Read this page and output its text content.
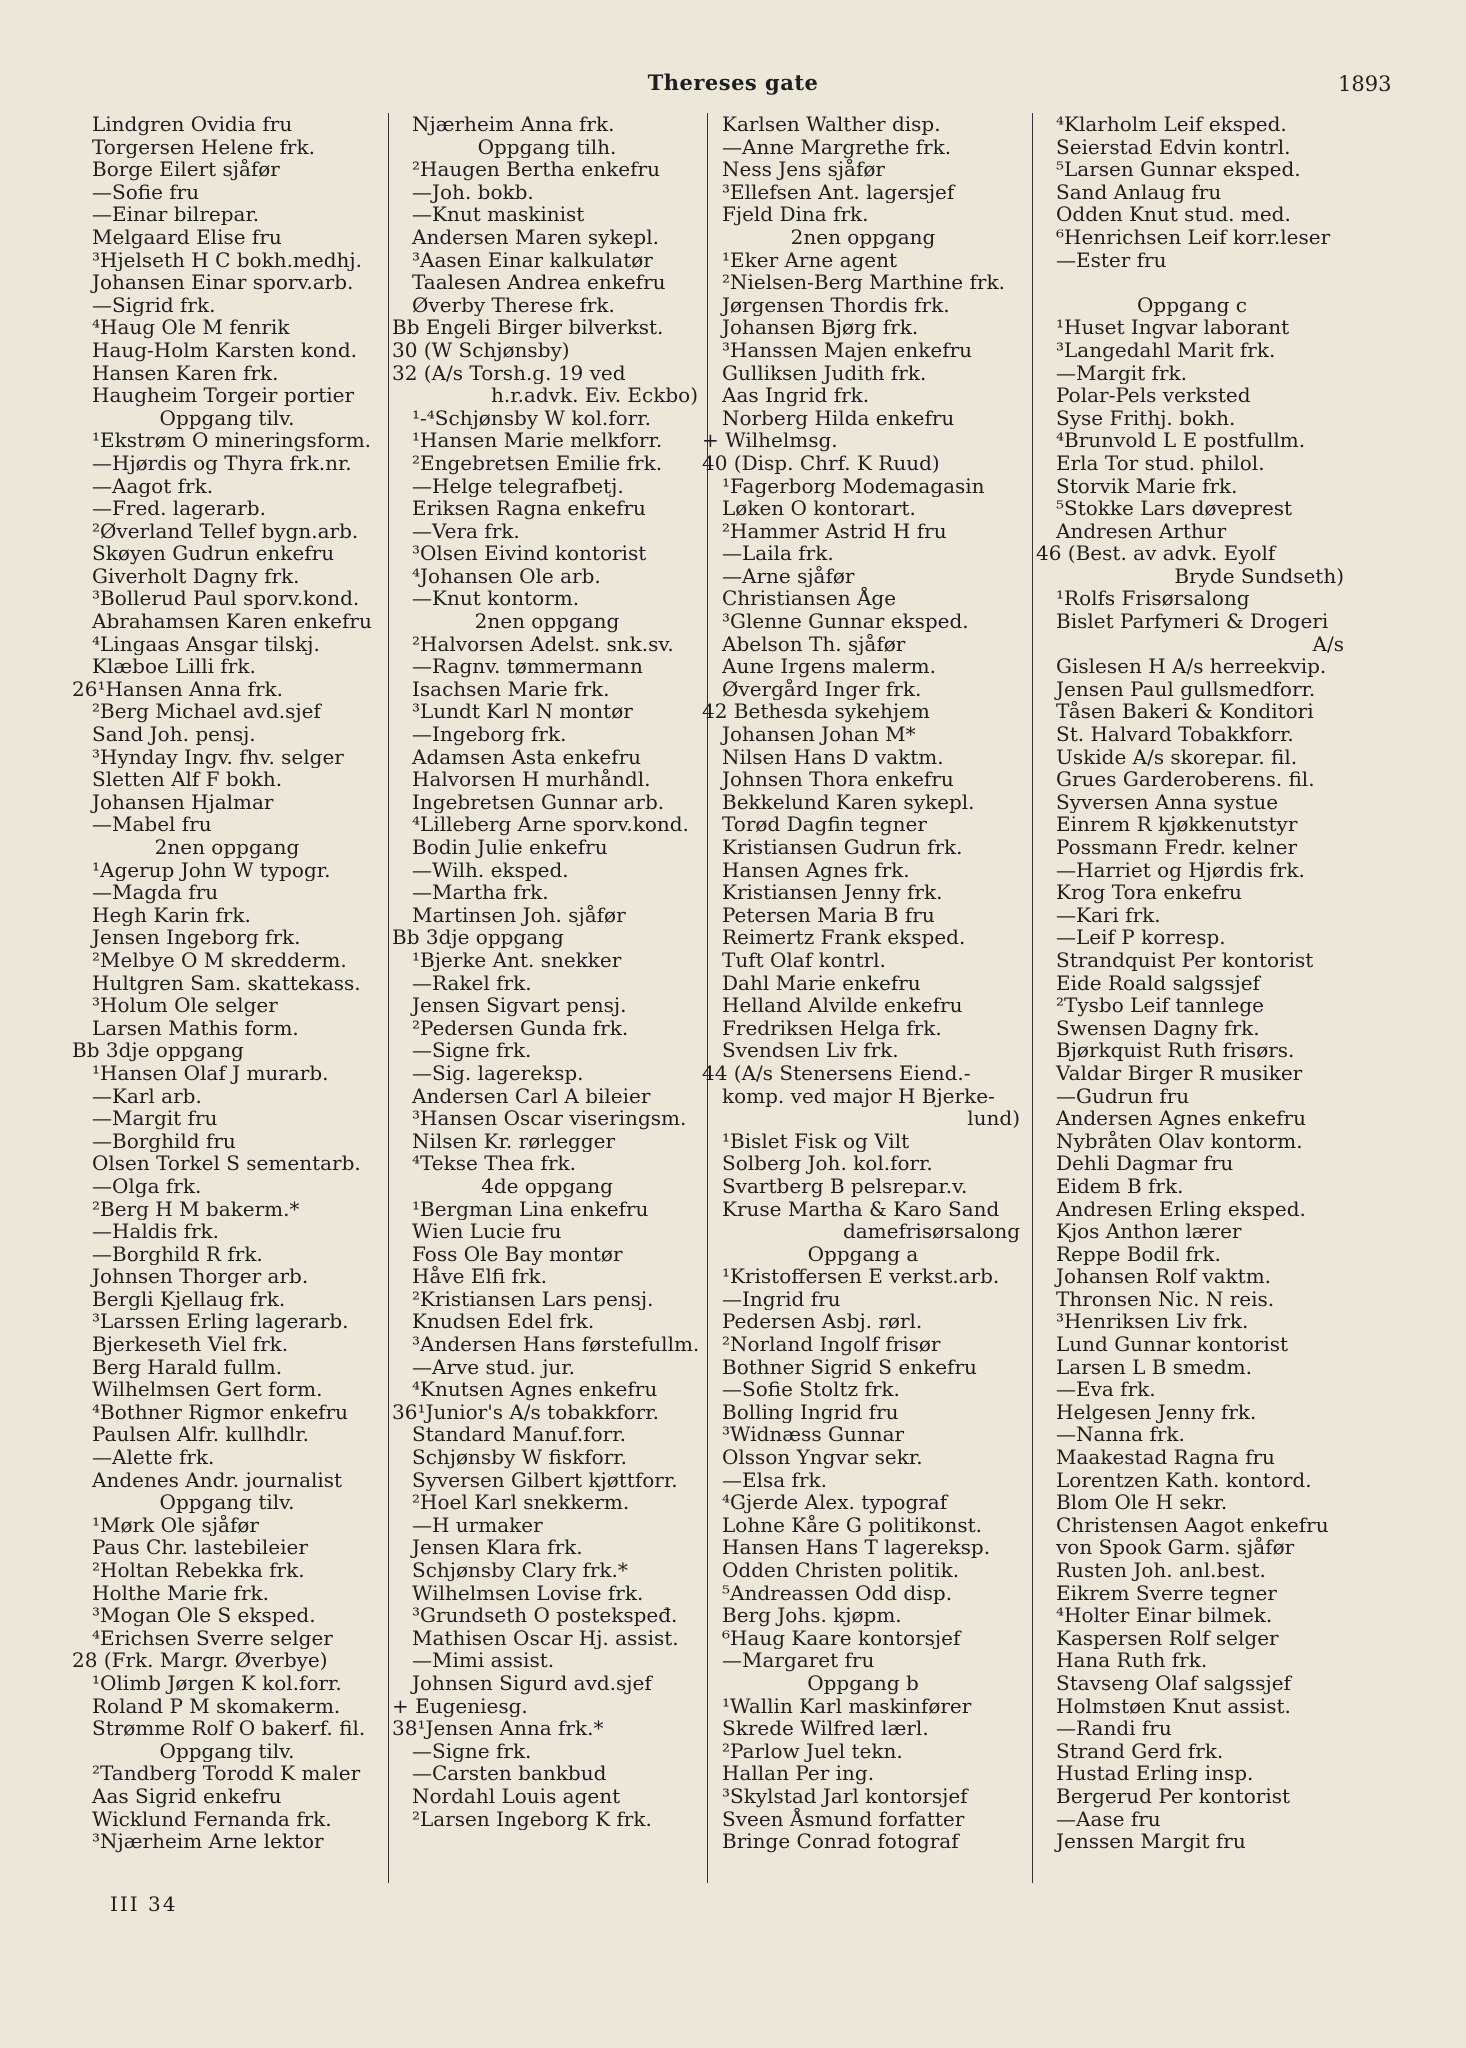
Thereses gate	1893
Lindgren Ovidia fru
Torgersen Helene frk.
Borge Eilert sjåfør
—Sofie fru
—Einar bilrepar.
Melgaard Elise fru
³Hjelseth H C bokh.medhj.
Johansen Einar sporv.arb.
—Sigrid frk.
⁴Haug Ole M fenrik
Haug-Holm Karsten kond.
Hansen Karen frk.
Haugheim Torgeir portier
Oppgang tilv.
¹Ekstrøm O mineringsform.
—Hjørdis og Thyra frk.nr.
—Aagot frk.
—Fred. lagerarb.
²Øverland Tellef bygn.arb.
Skøyen Gudrun enkefru
Giverholt Dagny frk.
³Bollerud Paul sporv.kond.
Abrahamsen Karen enkefru
⁴Lingaas Ansgar tilskj.
Klæboe Lilli frk.
26¹Hansen Anna frk.
²Berg Michael avd.sjef
Sand Joh. pensj.
³Hynday Ingv. fhv. selger
Sletten Alf F bokh.
Johansen Hjalmar
—Mabel fru
2nen oppgang
¹Agerup John W typogr.
—Magda fru
Hegh Karin frk.
Jensen Ingeborg frk.
²Melbye O M skredderm.
Hultgren Sam. skattekass.
³Holum Ole selger
Larsen Mathis form.
Bb 3dje oppgang
¹Hansen Olaf J murarb.
—Karl arb.
—Margit fru
—Borghild fru
Olsen Torkel S sementarb.
—Olga frk.
²Berg H M bakerm.*
—Haldis frk.
—Borghild R frk.
Johnsen Thorger arb.
Bergli Kjellaug frk.
³Larssen Erling lagerarb.
Bjerkeseth Viel frk.
Berg Harald fullm.
Wilhelmsen Gert form.
⁴Bothner Rigmor enkefru
Paulsen Alfr. kullhdlr.
—Alette frk.
Andenes Andr. journalist
Oppgang tilv.
¹Mørk Ole sjåfør
Paus Chr. lastebileier
²Holtan Rebekka frk.
Holthe Marie frk.
³Mogan Ole S eksped.
⁴Erichsen Sverre selger
28 (Frk. Margr. Øverbye)
¹Olimb Jørgen K kol.forr.
Roland P M skomakerm.
Strømme Rolf O bakerf. fil.
Oppgang tilv.
²Tandberg Torodd K maler
Aas Sigrid enkefru
Wicklund Fernanda frk.
³Njærheim Arne lektor
Njærheim Anna frk.
Oppgang tilh.
²Haugen Bertha enkefru
—Joh. bokb.
—Knut maskinist
Andersen Maren sykepl.
³Aasen Einar kalkulatør
Taalesen Andrea enkefru
Øverby Therese frk.
Bb Engeli Birger bilverkst.
30 (W Schjønsby)
32 (A/s Torsh.g. 19 ved
h.r.advk. Eiv. Eckbo)
¹-⁴Schjønsby W kol.forr.
¹Hansen Marie melkforr.
²Engebretsen Emilie frk.
—Helge telegrafbetj.
Eriksen Ragna enkefru
—Vera frk.
³Olsen Eivind kontorist
⁴Johansen Ole arb.
—Knut kontorm.
2nen oppgang
²Halvorsen Adelst. snk.sv.
—Ragnv. tømmermann
Isachsen Marie frk.
³Lundt Karl N montør
—Ingeborg frk.
Adamsen Asta enkefru
Halvorsen H murhåndl.
Ingebretsen Gunnar arb.
⁴Lilleberg Arne sporv.kond.
Bodin Julie enkefru
—Wilh. eksped.
—Martha frk.
Martinsen Joh. sjåfør
Bb 3dje oppgang
¹Bjerke Ant. snekker
—Rakel frk.
Jensen Sigvart pensj.
²Pedersen Gunda frk.
—Signe frk.
—Sig. lagereksp.
Andersen Carl A bileier
³Hansen Oscar viseringsm.
Nilsen Kr. rørlegger
⁴Tekse Thea frk.
4de oppgang
¹Bergman Lina enkefru
Wien Lucie fru
Foss Ole Bay montør
Håve Elfi frk.
²Kristiansen Lars pensj.
Knudsen Edel frk.
³Andersen Hans førstefullm.
—Arve stud. jur.
⁴Knutsen Agnes enkefru
36¹Junior's A/s tobakkforr.
Standard Manuf.forr.
Schjønsby W fiskforr.
Syversen Gilbert kjøttforr.
²Hoel Karl snekkerm.
—H urmaker
Jensen Klara frk.
Schjønsby Clary frk.*
Wilhelmsen Lovise frk.
³Grundseth O postekspeđ.
Mathisen Oscar Hj. assist.
—Mimi assist.
Johnsen Sigurd avd.sjef
+ Eugeniesg.
38¹Jensen Anna frk.*
—Signe frk.
—Carsten bankbud
Nordahl Louis agent
²Larsen Ingeborg K frk.
Karlsen Walther disp.
—Anne Margrethe frk.
Ness Jens sjåfør
³Ellefsen Ant. lagersjef
Fjeld Dina frk.
2nen oppgang
¹Eker Arne agent
²Nielsen-Berg Marthine frk.
Jørgensen Thordis frk.
Johansen Bjørg frk.
³Hanssen Majen enkefru
Gulliksen Judith frk.
Aas Ingrid frk.
Norberg Hilda enkefru
+ Wilhelmsg.
40 (Disp. Chrf. K Ruud)
¹Fagerborg Modemagasin
Løken O kontorart.
²Hammer Astrid H fru
—Laila frk.
—Arne sjåfør
Christiansen Åge
³Glenne Gunnar eksped.
Abelson Th. sjåfør
Aune Irgens malerm.
Øvergård Inger frk.
42 Bethesda sykehjem
Johansen Johan M*
Nilsen Hans D vaktm.
Johnsen Thora enkefru
Bekkelund Karen sykepl.
Torød Dagfin tegner
Kristiansen Gudrun frk.
Hansen Agnes frk.
Kristiansen Jenny frk.
Petersen Maria B fru
Reimertz Frank eksped.
Tuft Olaf kontrl.
Dahl Marie enkefru
Helland Alvilde enkefru
Fredriksen Helga frk.
Svendsen Liv frk.
44 (A/s Stenersens Eiend.-
komp. ved major H Bjerke-
lund)
¹Bislet Fisk og Vilt
Solberg Joh. kol.forr.
Svartberg B pelsrepar.v.
Kruse Martha & Karo Sand
damefrisørsalong
Oppgang a
¹Kristoffersen E verkst.arb.
—Ingrid fru
Pedersen Asbj. rørl.
²Norland Ingolf frisør
Bothner Sigrid S enkefru
—Sofie Stoltz frk.
Bolling Ingrid fru
³Widnæss Gunnar
Olsson Yngvar sekr.
—Elsa frk.
⁴Gjerde Alex. typograf
Lohne Kåre G politikonst.
Hansen Hans T lagereksp.
Odden Christen politik.
⁵Andreassen Odd disp.
Berg Johs. kjøpm.
⁶Haug Kaare kontorsjef
—Margaret fru
Oppgang b
¹Wallin Karl maskinfører
Skrede Wilfred lærl.
²Parlow Juel tekn.
Hallan Per ing.
³Skylstad Jarl kontorsjef
Sveen Åsmund forfatter
Bringe Conrad fotograf
⁴Klarholm Leif eksped.
Seierstad Edvin kontrl.
⁵Larsen Gunnar eksped.
Sand Anlaug fru
Odden Knut stud. med.
⁶Henrichsen Leif korr.leser
—Ester fru
Oppgang c
¹Huset Ingvar laborant
³Langedahl Marit frk.
—Margit frk.
Polar-Pels verksted
Syse Frithj. bokh.
⁴Brunvold L E postfullm.
Erla Tor stud. philol.
Storvik Marie frk.
⁵Stokke Lars døveprest
Andresen Arthur
46 (Best. av advk. Eyolf
Bryde Sundseth)
¹Rolfs Frisørsalong
Bislet Parfymeri & Drogeri
A/s
Gislesen H A/s herreekvip.
Jensen Paul gullsmedforr.
Tåsen Bakeri & Konditori
St. Halvard Tobakkforr.
Uskide A/s skorepar. fil.
Grues Garderoberens. fil.
Syversen Anna systue
Einrem R kjøkkenutstyr
Possmann Fredr. kelner
—Harriet og Hjørdis frk.
Krog Tora enkefru
—Kari frk.
—Leif P korresp.
Strandquist Per kontorist
Eide Roald salgssjef
²Tysbo Leif tannlege
Swensen Dagny frk.
Bjørkquist Ruth frisørs.
Valdar Birger R musiker
—Gudrun fru
Andersen Agnes enkefru
Nybråten Olav kontorm.
Dehli Dagmar fru
Eidem B frk.
Andresen Erling eksped.
Kjos Anthon lærer
Reppe Bodil frk.
Johansen Rolf vaktm.
Thronsen Nic. N reis.
³Henriksen Liv frk.
Lund Gunnar kontorist
Larsen L B smedm.
—Eva frk.
Helgesen Jenny frk.
—Nanna frk.
Maakestad Ragna fru
Lorentzen Kath. kontord.
Blom Ole H sekr.
Christensen Aagot enkefru
von Spook Garm. sjåfør
Rusten Joh. anl.best.
Eikrem Sverre tegner
⁴Holter Einar bilmek.
Kaspersen Rolf selger
Hana Ruth frk.
Stavseng Olaf salgssjef
Holmstøen Knut assist.
—Randi fru
Strand Gerd frk.
Hustad Erling insp.
Bergerud Per kontorist
—Aase fru
Jenssen Margit fru
III 34
